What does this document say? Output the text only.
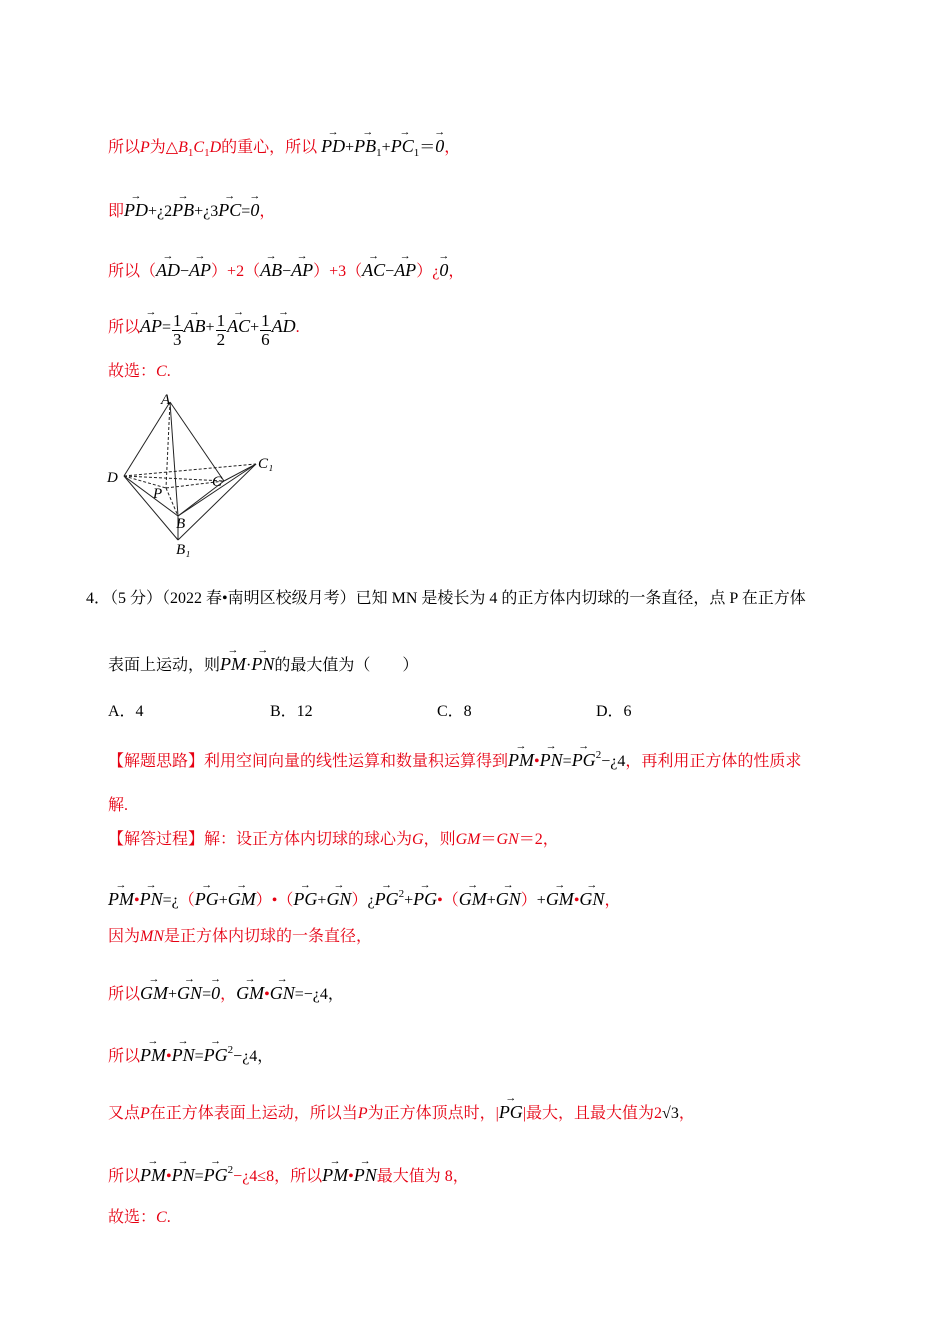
所以P为$\triangle B_1C_1D$的重心，所以 → $PD+\to PB_1+\to PC_1=\to 0$，
即→ PD+¿2→ PB+¿3→ PC=→ 0，
所以（→ AD−→ AP）+2（→ AB−→ AP）+3（→ AC−→ AP）¿→ 0，
所以→ $AP= \frac{1}{3}$
→ $AB+ \frac{1}{2}$
→ $AC+ \frac{1}{6}$
→ AD.
故选：C.
A
D
C₁
C
P
B
B₁
4．（5 分）（2022 春•南明区校级月考）已知 MN 是棱长为 4 的正方体内切球的一条直径，点 P 在正方体
表面上运动，则→ PM·→ PN的最大值为（　　）
A．4	B．12	C．8	D．6
【解题思路】利用空间向量的线性运算和数量积运算得到→ PM•→ $PN=\to PG^2-¿4$，再利用正方体的性质求
解.
【解答过程】解：设正方体内切球的球心为G，则GM＝GN＝2，
→ PM•→ PN=¿（→ PG+→ GM）•（→ PG+→ GN）¿→ $PG^2+\to$ PG•（→ GM+→ GN）+→ GM•→ GN，
因为MN是正方体内切球的一条直径，
所以→ GM+→ GN=→ 0，→ GM•→ GN=−¿4，
所以→ PM•→ $PN=\to PG^2-¿4$，
又点P在正方体表面上运动，所以当P为正方体顶点时，|→ PG|最大，且最大值为2√3，
所以→ PM•→ $PN=\to PG^2-¿4\le 8$，所以→ PM•→ PN最大值为 8，
故选：C.
